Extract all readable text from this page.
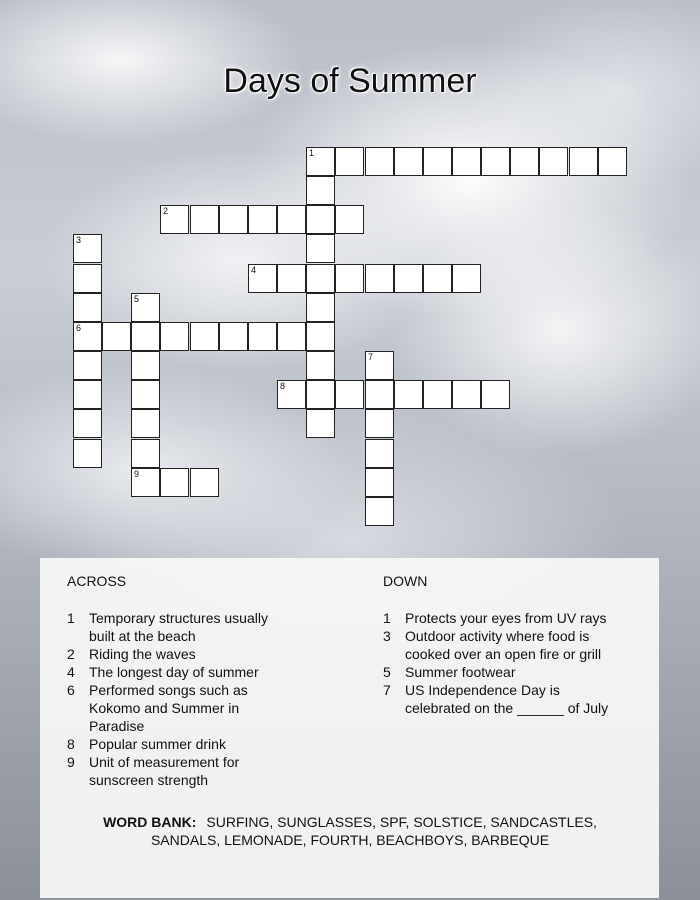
Days of Summer
1
2
3
6
4
5
9
7
8
ACROSS	DOWN
1 Temporary structures usually built at the beach
2 Riding the waves
4 The longest day of summer
6 Performed songs such as Kokomo and Summer in Paradise
8 Popular summer drink
9 Unit of measurement for sunscreen strength
1 Protects your eyes from UV rays
3 Outdoor activity where food is cooked over an open fire or grill
5 Summer footwear
7 US Independence Day is celebrated on the ______ of July
WORD BANK: SURFING, SUNGLASSES, SPF, SOLSTICE, SANDCASTLES, SANDALS, LEMONADE, FOURTH, BEACHBOYS, BARBEQUE
